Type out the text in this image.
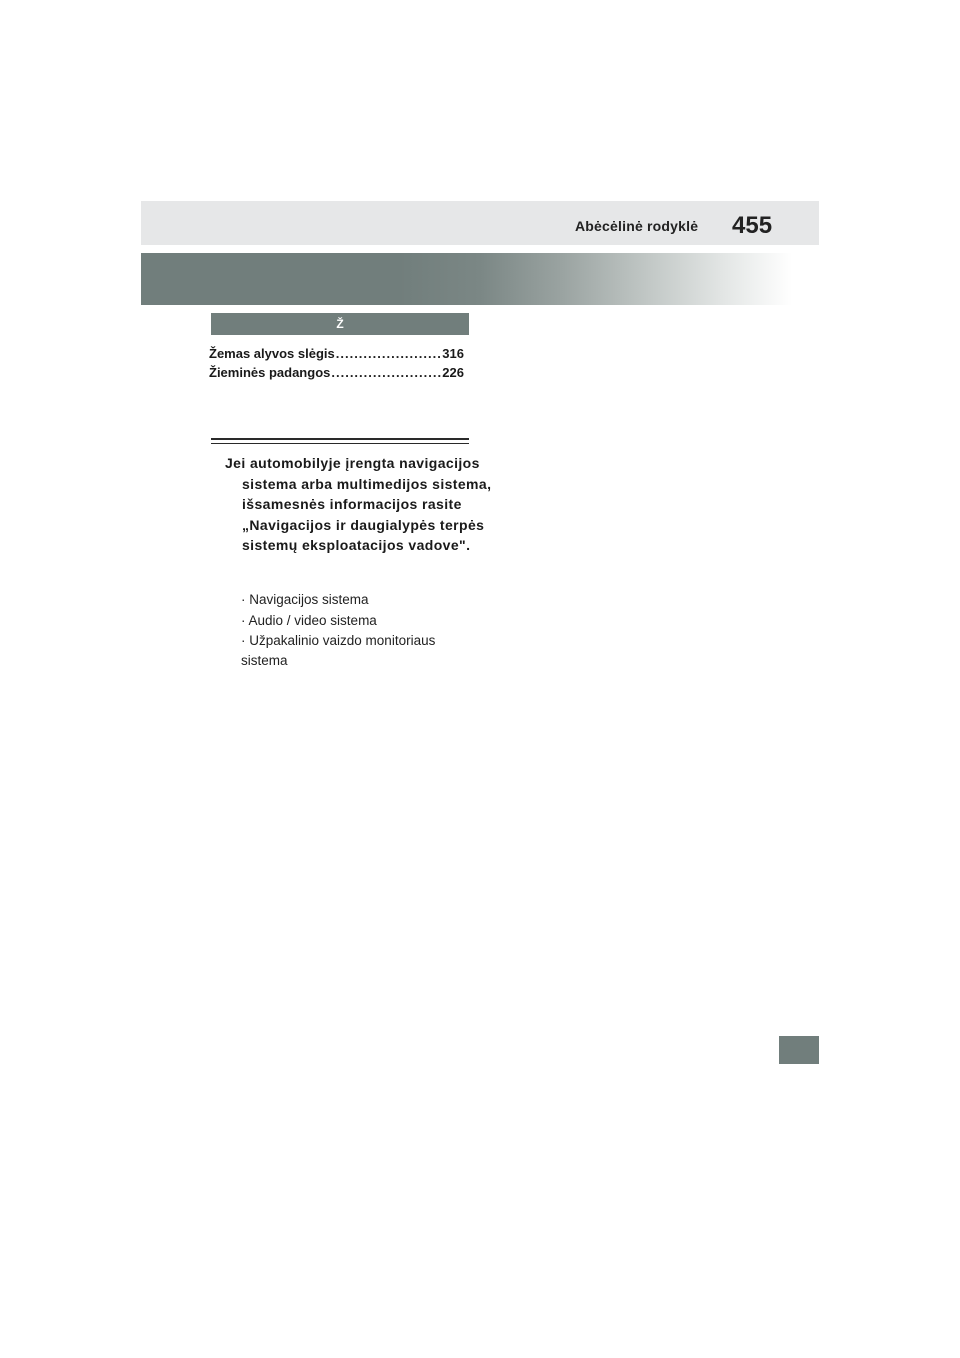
Abėcėlinė rodyklė 455
Ž
Žemas alyvos slėgis .....	316
Žieminės padangos .....	226
Jei automobilyje įrengta navigacijos sistema arba multimedijos sistema, išsamesnės informacijos rasite „Navigacijos ir daugialypės terpės sistemų eksploatacijos vadove".
· Navigacijos sistema
· Audio / video sistema
· Užpakalinio vaizdo monitoriaus sistema
